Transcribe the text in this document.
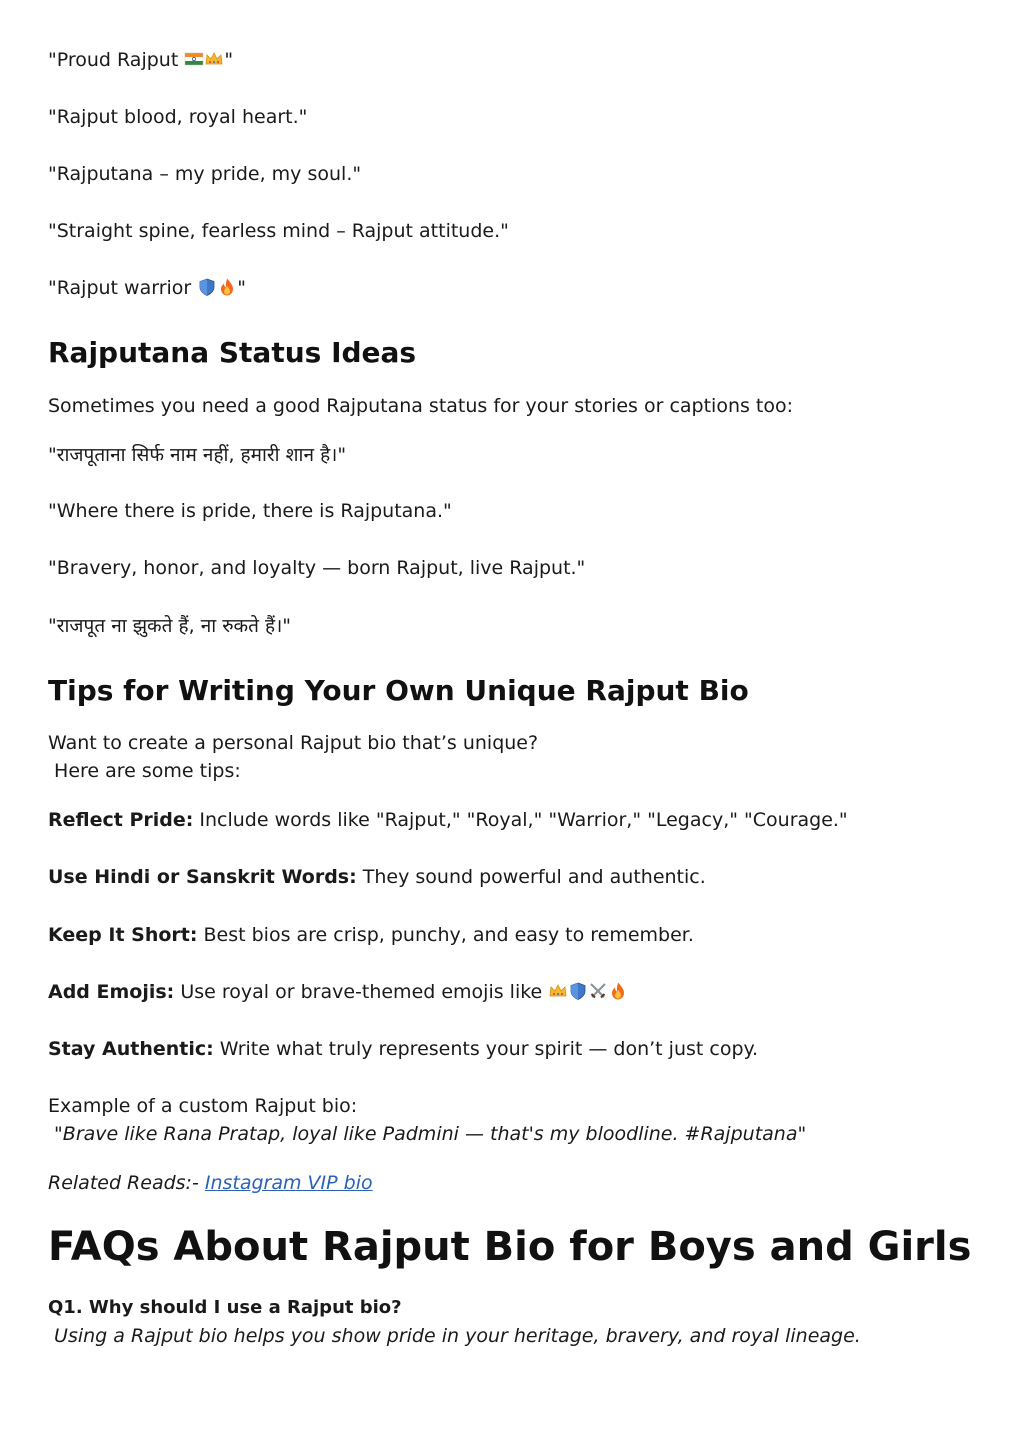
"Proud Rajput "
"Rajput blood, royal heart."
"Rajputana – my pride, my soul."
"Straight spine, fearless mind – Rajput attitude."
"Rajput warrior "
Rajputana Status Ideas
Sometimes you need a good Rajputana status for your stories or captions too:
"राजपूताना सिर्फ नाम नहीं, हमारी शान है।"
"Where there is pride, there is Rajputana."
"Bravery, honor, and loyalty — born Rajput, live Rajput."
"राजपूत ना झुकते हैं, ना रुकते हैं।"
Tips for Writing Your Own Unique Rajput Bio
Want to create a personal Rajput bio that’s unique?
Here are some tips:
Reflect Pride: Include words like "Rajput," "Royal," "Warrior," "Legacy," "Courage."
Use Hindi or Sanskrit Words: They sound powerful and authentic.
Keep It Short: Best bios are crisp, punchy, and easy to remember.
Add Emojis: Use royal or brave-themed emojis like
Stay Authentic: Write what truly represents your spirit — don’t just copy.
Example of a custom Rajput bio:
"Brave like Rana Pratap, loyal like Padmini — that's my bloodline. #Rajputana"
Related Reads:- Instagram VIP bio
FAQs About Rajput Bio for Boys and Girls
Q1. Why should I use a Rajput bio?
Using a Rajput bio helps you show pride in your heritage, bravery, and royal lineage.
